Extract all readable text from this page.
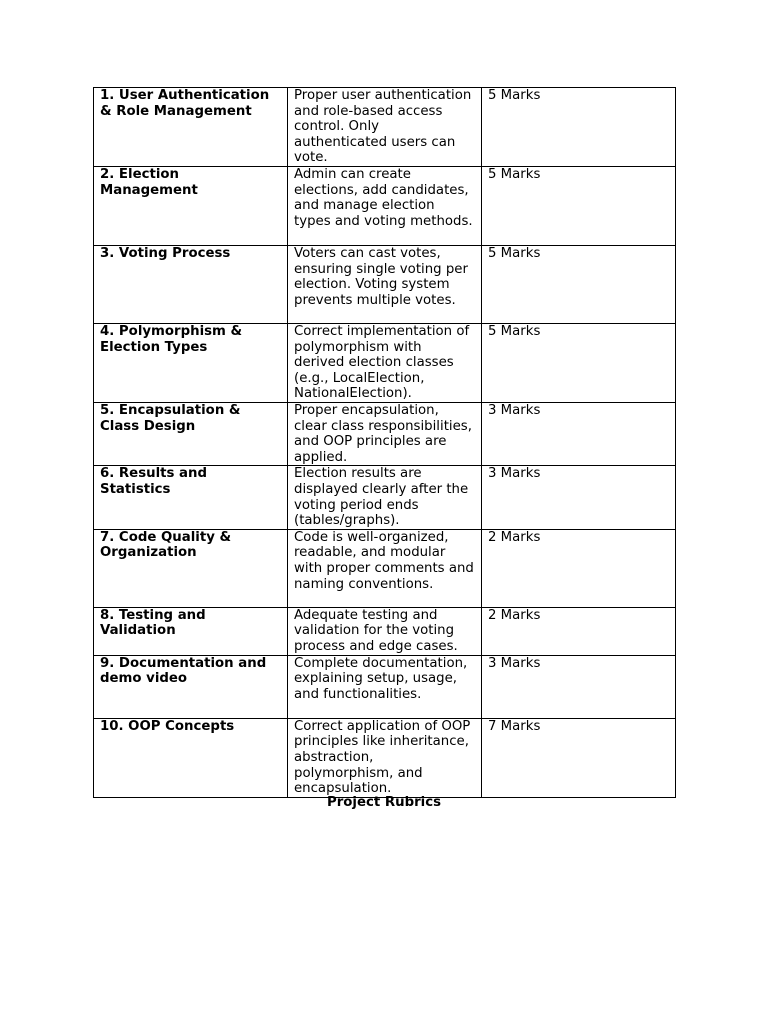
1. User Authentication & Role Management	Proper user authentication and role-based access control. Only authenticated users can vote.	5 Marks
2. Election Management	Admin can create elections, add candidates, and manage election types and voting methods.	5 Marks
3. Voting Process	Voters can cast votes, ensuring single voting per election. Voting system prevents multiple votes.	5 Marks
4. Polymorphism & Election Types	Correct implementation of polymorphism with derived election classes (e.g., LocalElection, NationalElection).	5 Marks
5. Encapsulation & Class Design	Proper encapsulation, clear class responsibilities, and OOP principles are applied.	3 Marks
6. Results and Statistics	Election results are displayed clearly after the voting period ends (tables/graphs).	3 Marks
7. Code Quality & Organization	Code is well-organized, readable, and modular with proper comments and naming conventions.	2 Marks
8. Testing and Validation	Adequate testing and validation for the voting process and edge cases.	2 Marks
9. Documentation and demo video	Complete documentation, explaining setup, usage, and functionalities.	3 Marks
10. OOP Concepts	Correct application of OOP principles like inheritance, abstraction, polymorphism, and encapsulation.	7 Marks
Project Rubrics
